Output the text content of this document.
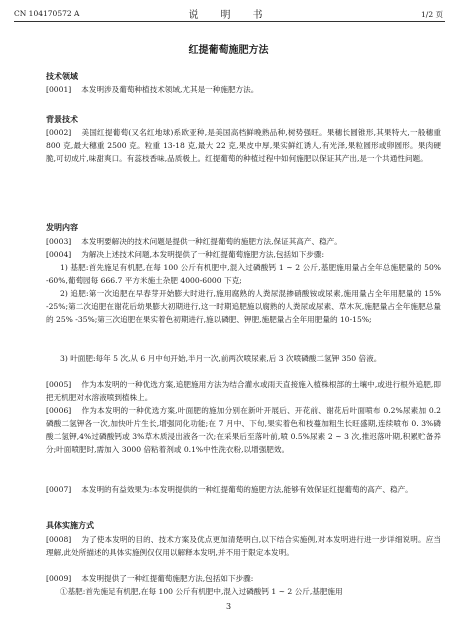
CN 104170572 A	说　明　书	1/2 页
红提葡萄施肥方法
技术领域
[0001] 本发明涉及葡萄种植技术领域,尤其是一种施肥方法。
背景技术
[0002] 美国红提葡萄(又名红地球)系欧亚种,是美国高档鲜晚熟品种,树势强旺。果穗长圆锥形,其果特大,一般穗重 800 克,最大穗重 2500 克。粒重 13-18 克,最大 22 克,果皮中厚,果实鲜红诱人,有光泽,果粒圆形或卵圆形。果肉硬脆,可切成片,味甜爽口。有蕊枝香味,品质极上。红提葡萄的种植过程中如何施肥以保证其产出,是一个共通性问题。
发明内容
[0003] 本发明要解决的技术问题是提供一种红提葡萄的施肥方法,保证其高产、稳产。
[0004] 为解决上述技术问题,本发明提供了一种红提葡萄施肥方法,包括如下步骤:
1) 基肥:首先施足有机肥,在每 100 公斤有机肥中,混入过磷酸钙 1 ~ 2 公斤,基肥施用量占全年总施肥量的 50% -60%,葡萄园每 666.7 平方米施土杂肥 4000-6000 下克;
2) 追肥:第一次追肥在早春芽开始膨大时进行,施用腐熟的人粪尿混掺硝酸铵或尿素,施用量占全年用肥量的 15% -25%;第二次追肥在谢花后幼果膨大初期进行,这一时期追肥施以腐熟的人粪尿或尿素、草木灰,施肥量占全年施肥总量的 25% -35%;第三次追肥在果实着色初期进行,施以磷肥、钾肥,施肥量占全年用肥量的 10-15%;
3) 叶面肥:每年 5 次,从 6 月中旬开始,半月一次,前两次喷尿素,后 3 次喷磷酸二氢钾 350 倍液。
[0005] 作为本发明的一种优选方案,追肥施用方法为结合灌水或雨天直接施入植株根部的土壤中,或进行根外追肥,即把无机肥对水溶液喷到植株上。
[0006] 作为本发明的一种优选方案,叶面肥的施加分别在新叶开展后、开花前、谢花后叶面喷布 0.2%尿素加 0.2 磷酸二氢钾各一次,加快叶片生长,增强同化功能;在 7 月中、下旬,果实着色和枝蔓加粗生长旺盛期,连续喷布 0. 3%磷酸二氢钾,4%过磷酸钙或 3%草木质浸出液各一次;在采果后至落叶前,喷 0.5%尿素 2 ~ 3 次,推迟落叶期,积累贮备养分;叶面喷肥时,需加入 3000 倍粘着剂或 0.1%中性洗衣粉,以增强肥效。
[0007] 本发明的有益效果为:本发明提供的一种红提葡萄的施肥方法,能够有效保证红提葡萄的高产、稳产。
具体实施方式
[0008] 为了使本发明的目的、技术方案及优点更加清楚明白,以下结合实施例,对本发明进行进一步详细说明。应当理解,此处所描述的具体实施例仅仅用以解释本发明,并不用于限定本发明。
[0009] 本发明提供了一种红提葡萄施肥方法,包括如下步骤:
①基肥:首先施足有机肥,在每 100 公斤有机肥中,混入过磷酸钙 1 ~ 2 公斤,基肥施用
3
